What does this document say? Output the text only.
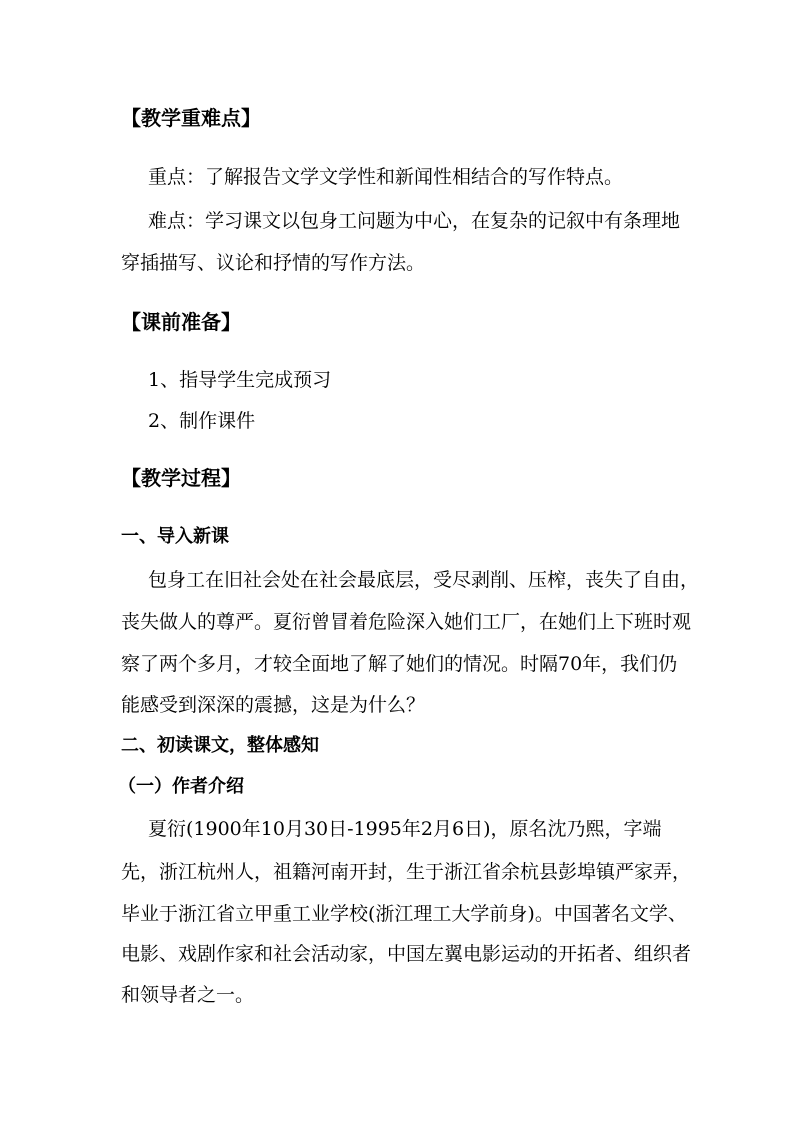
【教学重难点】
重点：了解报告文学文学性和新闻性相结合的写作特点。
难点：学习课文以包身工问题为中心，在复杂的记叙中有条理地
穿插描写、议论和抒情的写作方法。
【课前准备】
1、指导学生完成预习
2、制作课件
【教学过程】
一、导入新课
包身工在旧社会处在社会最底层，受尽剥削、压榨，丧失了自由，
丧失做人的尊严。夏衍曾冒着危险深入她们工厂，在她们上下班时观
察了两个多月，才较全面地了解了她们的情况。时隔70年，我们仍
能感受到深深的震撼，这是为什么？
二、初读课文，整体感知
（一）作者介绍
夏衍(1900年10月30日-1995年2月6日)，原名沈乃熙，字端
先，浙江杭州人，祖籍河南开封，生于浙江省余杭县彭埠镇严家弄，
毕业于浙江省立甲重工业学校(浙江理工大学前身)。中国著名文学、
电影、戏剧作家和社会活动家，中国左翼电影运动的开拓者、组织者
和领导者之一。
